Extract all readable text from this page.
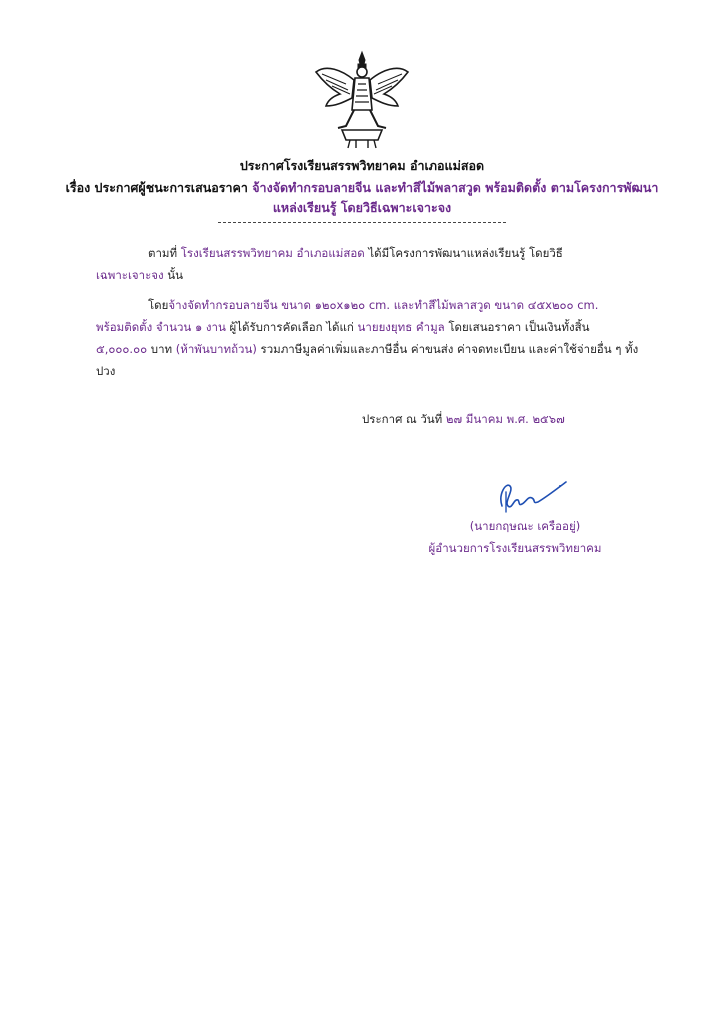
ประกาศโรงเรียนสรรพวิทยาคม อำเภอแม่สอด
เรื่อง ประกาศผู้ชนะการเสนอราคา จ้างจัดทำกรอบลายจีน และทำสีไม้พลาสวูด พร้อมติดตั้ง ตามโครงการพัฒนา
แหล่งเรียนรู้ โดยวิธีเฉพาะเจาะจง
ตามที่ โรงเรียนสรรพวิทยาคม อำเภอแม่สอด ได้มีโครงการพัฒนาแหล่งเรียนรู้ โดยวิธี
เฉพาะเจาะจง นั้น
โดยจ้างจัดทำกรอบลายจีน ขนาด ๑๒๐x๑๒๐ cm. และทำสีไม้พลาสวูด ขนาด ๔๕x๒๐๐ cm.
พร้อมติดตั้ง จำนวน ๑ งาน ผู้ได้รับการคัดเลือก ได้แก่ นายยงยุทธ คำมูล โดยเสนอราคา เป็นเงินทั้งสิ้น
๕,๐๐๐.๐๐ บาท (ห้าพันบาทถ้วน) รวมภาษีมูลค่าเพิ่มและภาษีอื่น ค่าขนส่ง ค่าจดทะเบียน และค่าใช้จ่ายอื่น ๆ ทั้ง
ปวง
ประกาศ ณ วันที่ ๒๗ มีนาคม พ.ศ. ๒๕๖๗
(นายกฤษณะ เครืออยู่)
ผู้อำนวยการโรงเรียนสรรพวิทยาคม
